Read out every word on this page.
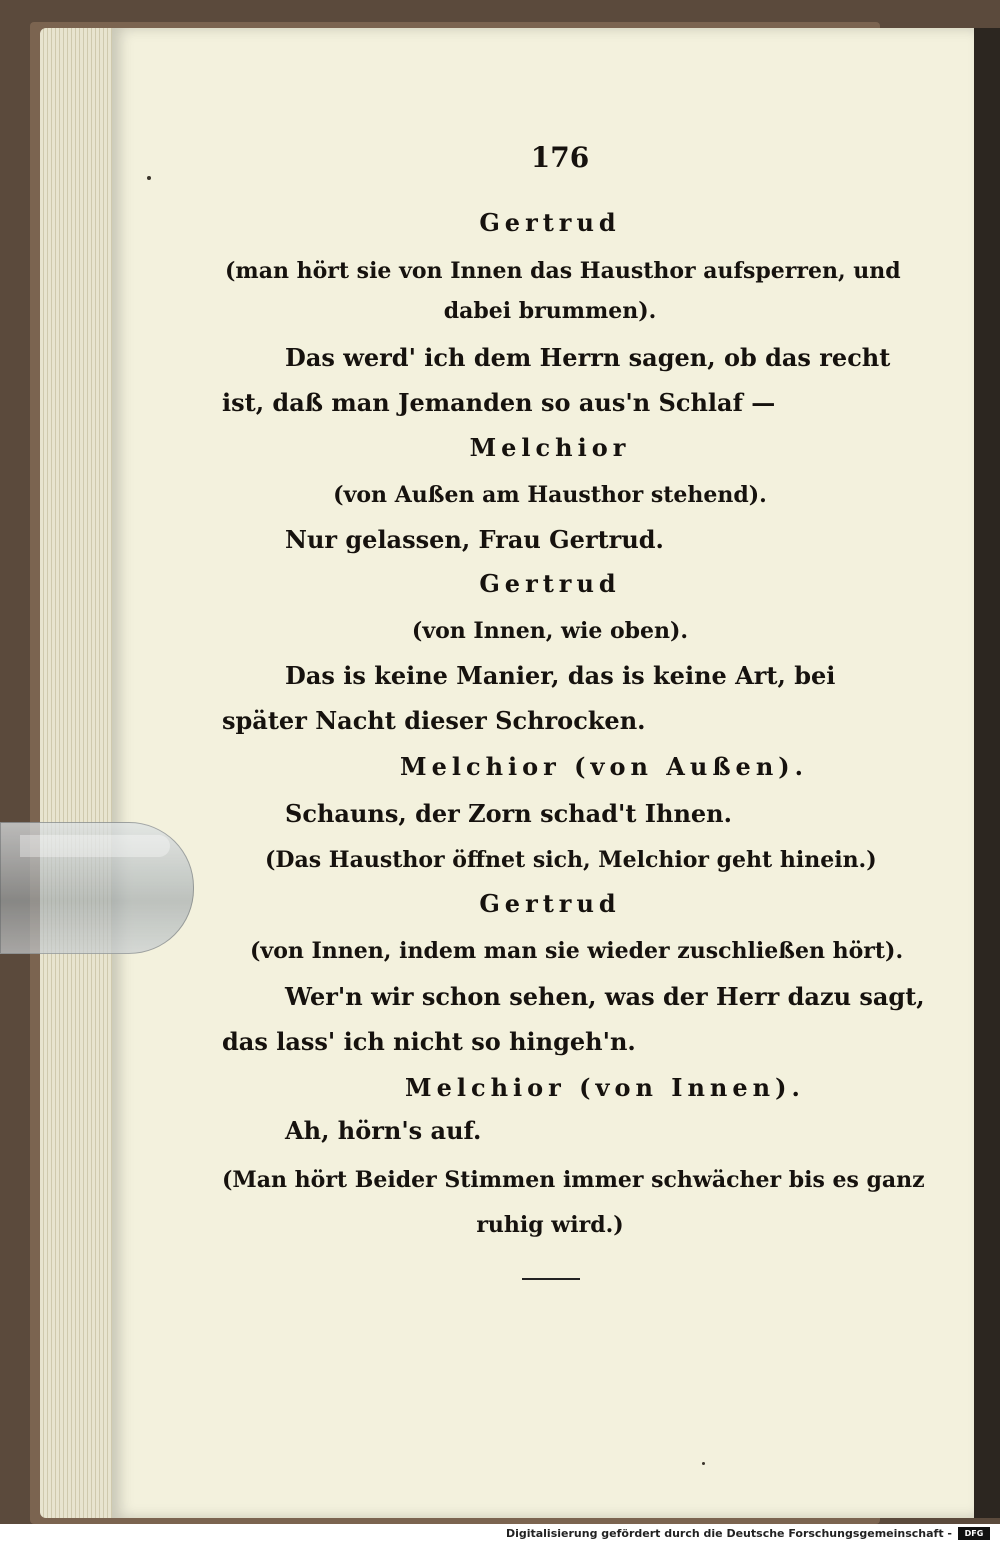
176
Gertrud
(man hört sie von Innen das Hausthor aufsperren, und
dabei brummen).
Das werd' ich dem Herrn sagen, ob das recht
ist, daß man Jemanden so aus'n Schlaf —
Melchior
(von Außen am Hausthor stehend).
Nur gelassen, Frau Gertrud.
Gertrud
(von Innen, wie oben).
Das is keine Manier, das is keine Art, bei
später Nacht dieser Schrocken.
Melchior (von Außen).
Schauns, der Zorn schad't Ihnen.
(Das Hausthor öffnet sich, Melchior geht hinein.)
Gertrud
(von Innen, indem man sie wieder zuschließen hört).
Wer'n wir schon sehen, was der Herr dazu sagt,
das lass' ich nicht so hingeh'n.
Melchior (von Innen).
Ah, hörn's auf.
(Man hört Beider Stimmen immer schwächer bis es ganz
ruhig wird.)
Digitalisierung gefördert durch die Deutsche Forschungsgemeinschaft -	DFG
